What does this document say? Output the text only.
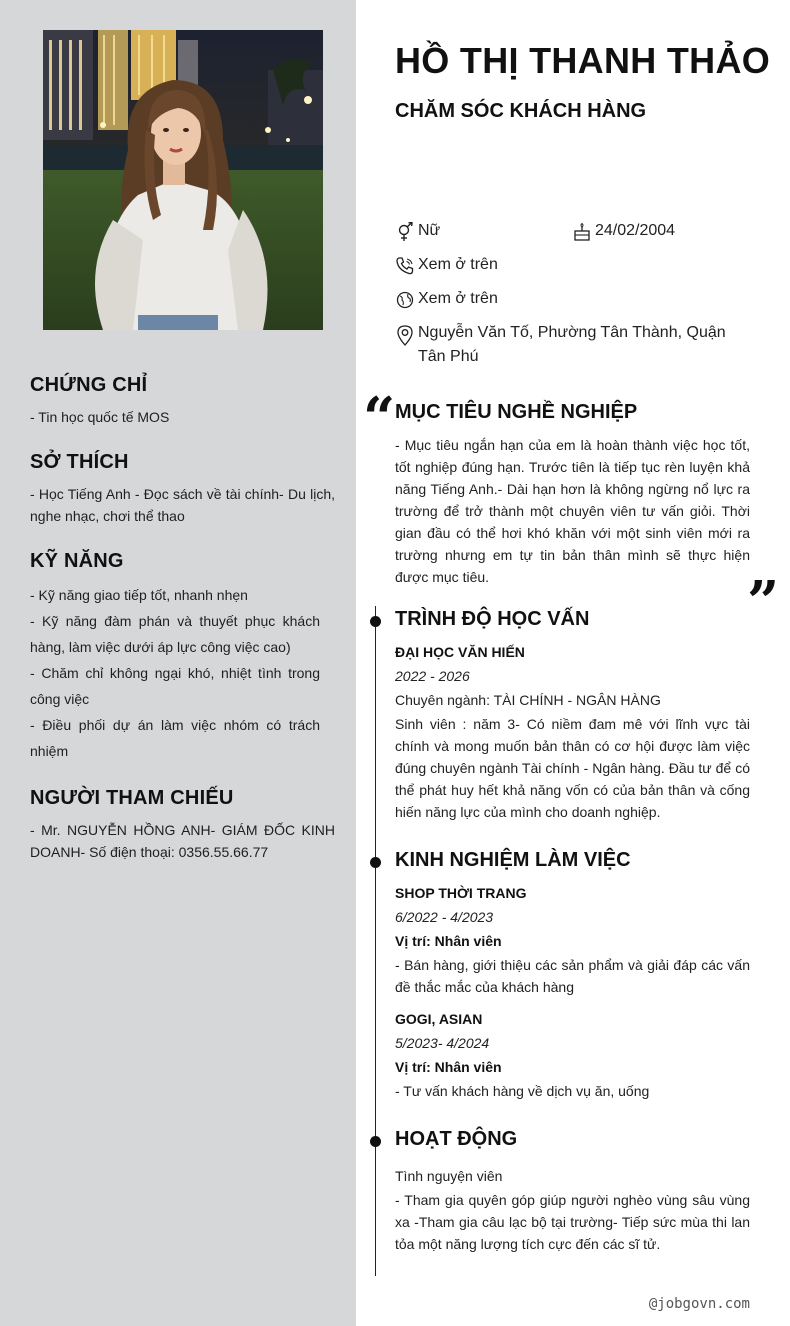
CHỨNG CHỈ
- Tin học quốc tế MOS
SỞ THÍCH

- Học Tiếng Anh - Đọc sách về tài chính- Du lịch, nghe nhạc, chơi thể thao

KỸ NĂNG

- Kỹ năng giao tiếp tốt, nhanh nhẹn

- Kỹ năng đàm phán và thuyết phục khách hàng, làm việc dưới áp lực công việc cao)

- Chăm chỉ không ngại khó, nhiệt tình trong công việc

- Điều phối dự án làm việc nhóm có trách nhiệm

NGƯỜI THAM CHIẾU

- Mr. NGUYỄN HỒNG ANH- GIÁM ĐỐC KINH DOANH- Số điện thoại: 0356.55.66.77

HỒ THỊ THANH THẢO
CHĂM SÓC KHÁCH HÀNG
Nữ	24/02/2004
Xem ở trên
Xem ở trên
Nguyễn Văn Tố, Phường Tân Thành, Quận Tân Phú
“ MỤC TIÊU NGHỀ NGHIỆP

- Mục tiêu ngắn hạn của em là hoàn thành việc học tốt, tốt nghiệp đúng hạn. Trước tiên là tiếp tục rèn luyện khả năng Tiếng Anh.- Dài hạn hơn là không ngừng nổ lực ra trường để trở thành một chuyên viên tư vấn giỏi. Thời gian đầu có thể hơi khó khăn với một sinh viên mới ra trường nhưng em tự tin bản thân mình sẽ thực hiện được mục tiêu.	”
TRÌNH ĐỘ HỌC VẤN
ĐẠI HỌC VĂN HIẾN
2022 - 2026
Chuyên ngành: TÀI CHÍNH - NGÂN HÀNG

Sinh viên : năm 3- Có niềm đam mê với lĩnh vực tài chính và mong muốn bản thân có cơ hội được làm việc đúng chuyên ngành Tài chính - Ngân hàng. Đầu tư để có thể phát huy hết khả năng vốn có của bản thân và cống hiến năng lực của mình cho doanh nghiệp.

KINH NGHIỆM LÀM VIỆC
SHOP THỜI TRANG
6/2022 - 4/2023
Vị trí: Nhân viên

- Bán hàng, giới thiệu các sản phẩm và giải đáp các vấn đề thắc mắc của khách hàng

GOGI, ASIAN
5/2023- 4/2024
Vị trí: Nhân viên

- Tư vấn khách hàng về dịch vụ ăn, uống

HOẠT ĐỘNG
Tình nguyện viên

- Tham gia quyên góp giúp người nghèo vùng sâu vùng xa -Tham gia câu lạc bộ tại trường- Tiếp sức mùa thi lan tỏa một năng lượng tích cực đến các sĩ tử.

@jobgovn.com
